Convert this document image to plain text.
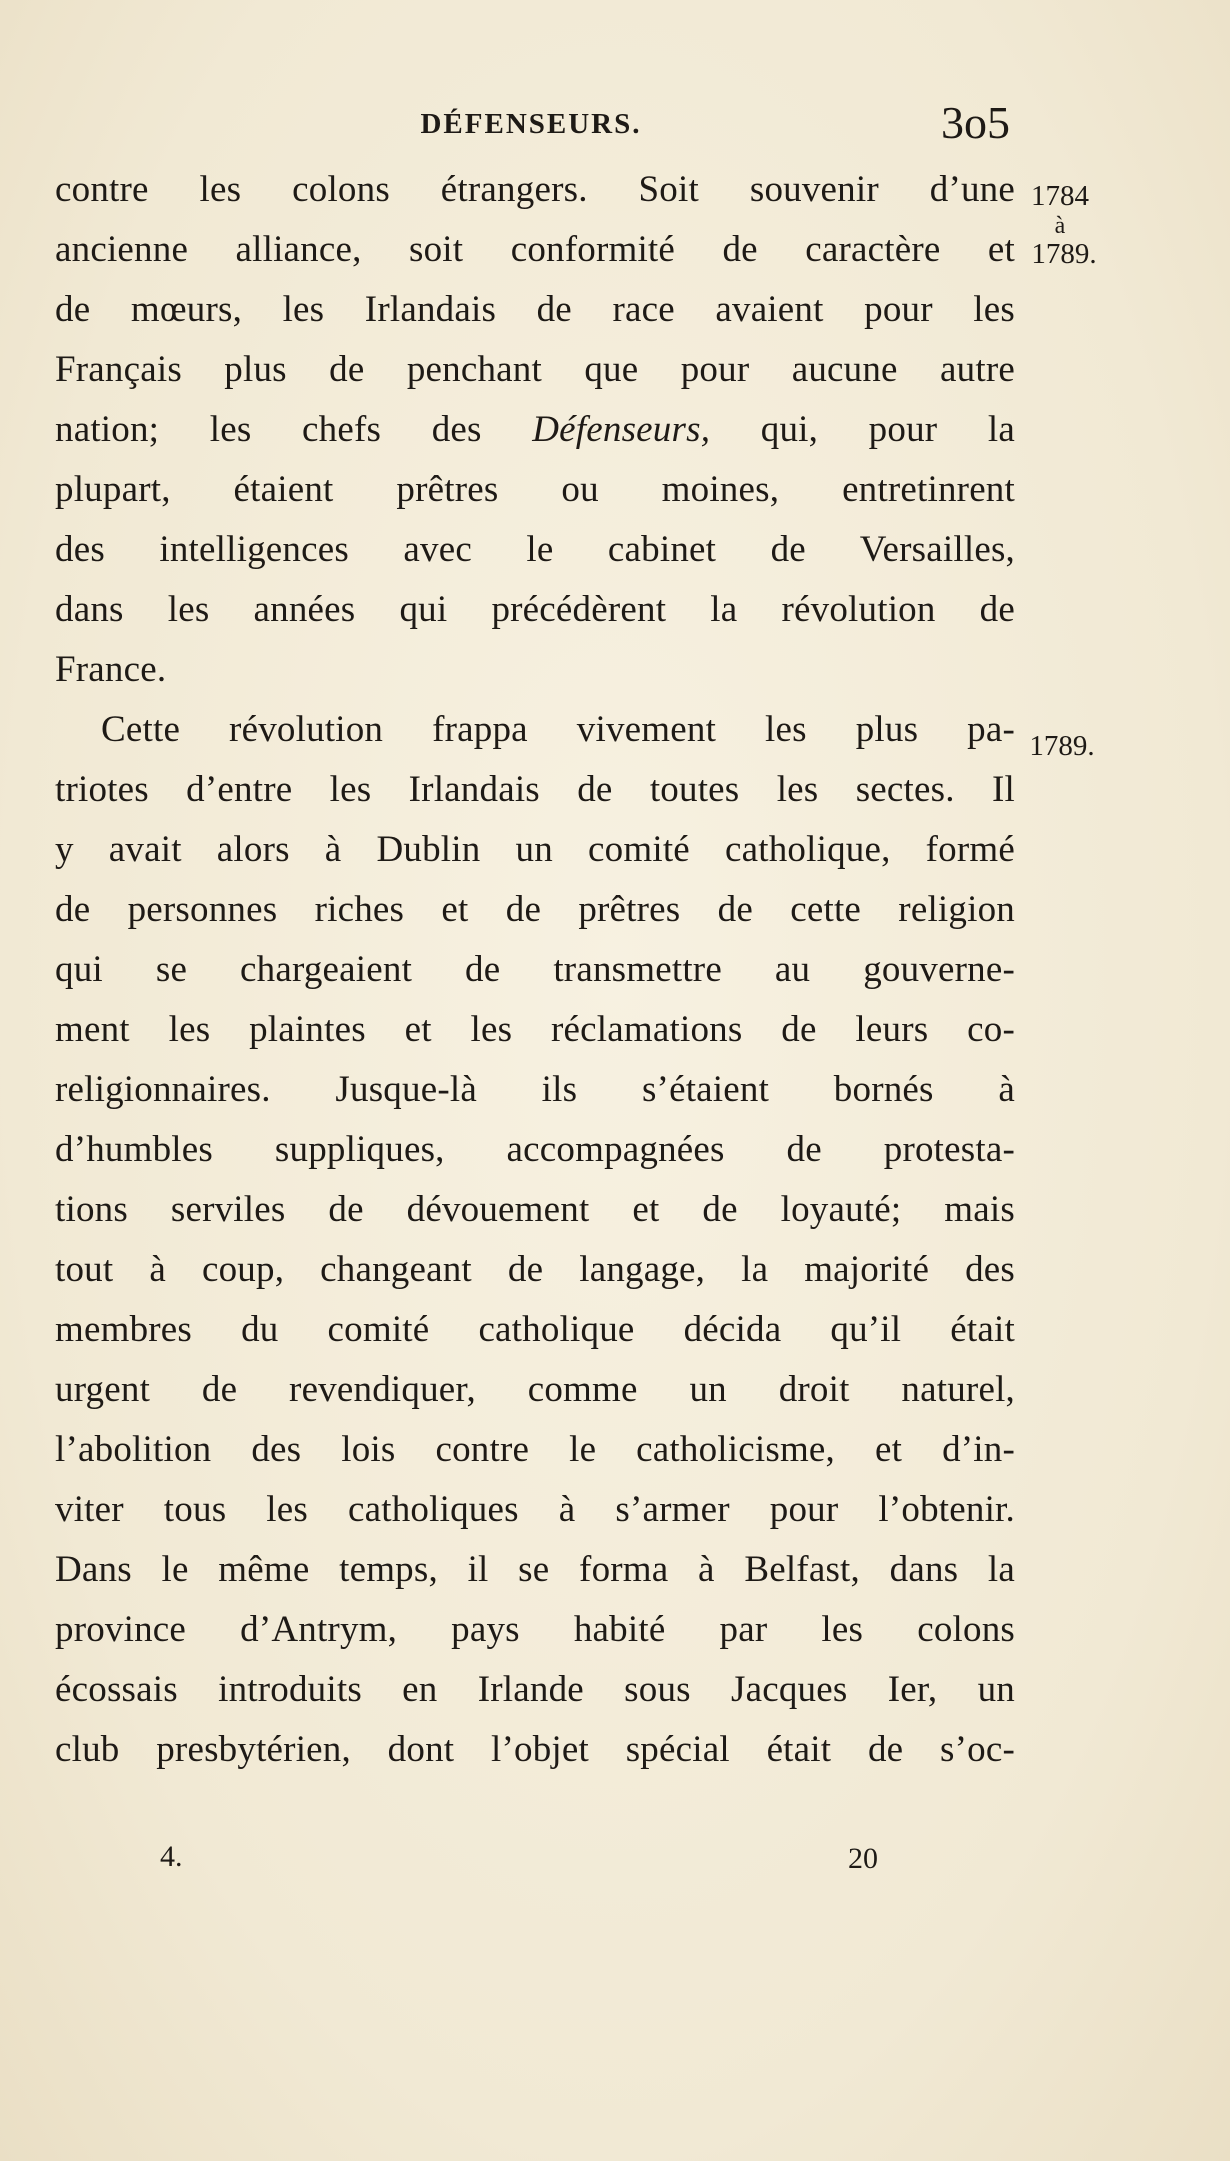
DÉFENSEURS.	3o5
1784
à
1789.
1789.
contre les colons étrangers. Soit souvenir d’une
ancienne alliance, soit conformité de caractère et
de mœurs, les Irlandais de race avaient pour les
Français plus de penchant que pour aucune autre
nation; les chefs des Défenseurs, qui, pour la
plupart, étaient prêtres ou moines, entretinrent
des intelligences avec le cabinet de Versailles,
dans les années qui précédèrent la révolution de
France.
Cette révolution frappa vivement les plus pa-
triotes d’entre les Irlandais de toutes les sectes. Il
y avait alors à Dublin un comité catholique, formé
de personnes riches et de prêtres de cette religion
qui se chargeaient de transmettre au gouverne-
ment les plaintes et les réclamations de leurs co-
religionnaires. Jusque-là ils s’étaient bornés à
d’humbles suppliques, accompagnées de protesta-
tions serviles de dévouement et de loyauté; mais
tout à coup, changeant de langage, la majorité des
membres du comité catholique décida qu’il était
urgent de revendiquer, comme un droit naturel,
l’abolition des lois contre le catholicisme, et d’in-
viter tous les catholiques à s’armer pour l’obtenir.
Dans le même temps, il se forma à Belfast, dans la
province d’Antrym, pays habité par les colons
écossais introduits en Irlande sous Jacques Ier, un
club presbytérien, dont l’objet spécial était de s’oc-
4.	20
